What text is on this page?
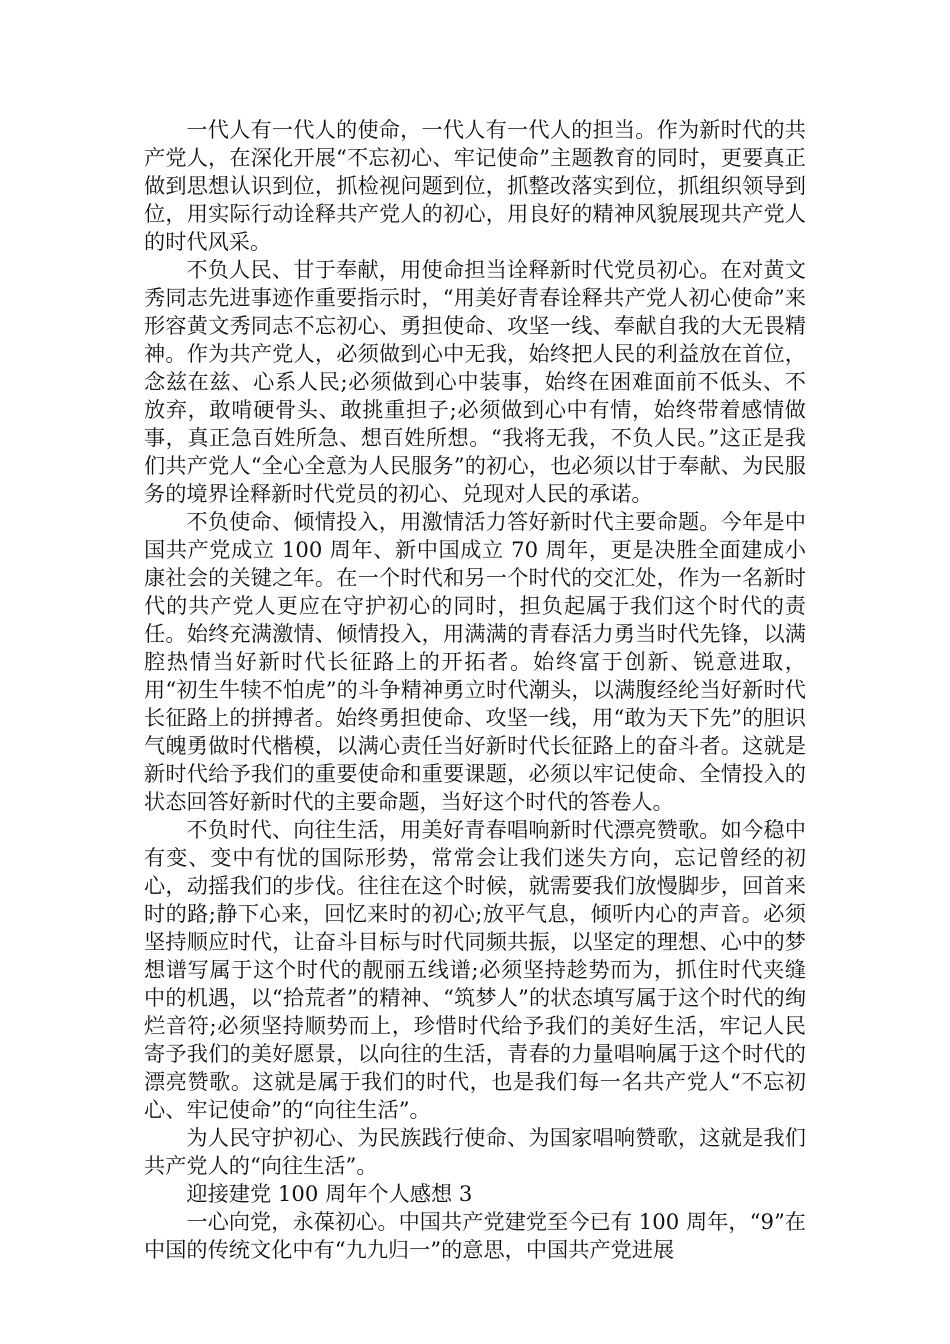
一代人有一代人的使命，一代人有一代人的担当。作为新时代的共产党人，在深化开展“不忘初心、牢记使命”主题教育的同时，更要真正做到思想认识到位，抓检视问题到位，抓整改落实到位，抓组织领导到位，用实际行动诠释共产党人的初心，用良好的精神风貌展现共产党人的时代风采。

不负人民、甘于奉献，用使命担当诠释新时代党员初心。在对黄文秀同志先进事迹作重要指示时，“用美好青春诠释共产党人初心使命”来形容黄文秀同志不忘初心、勇担使命、攻坚一线、奉献自我的大无畏精神。作为共产党人，必须做到心中无我，始终把人民的利益放在首位，念兹在兹、心系人民;必须做到心中装事，始终在困难面前不低头、不放弃，敢啃硬骨头、敢挑重担子;必须做到心中有情，始终带着感情做事，真正急百姓所急、想百姓所想。“我将无我，不负人民。”这正是我们共产党人“全心全意为人民服务”的初心，也必须以甘于奉献、为民服务的境界诠释新时代党员的初心、兑现对人民的承诺。

不负使命、倾情投入，用激情活力答好新时代主要命题。今年是中国共产党成立 100 周年、新中国成立 70 周年，更是决胜全面建成小康社会的关键之年。在一个时代和另一个时代的交汇处，作为一名新时代的共产党人更应在守护初心的同时，担负起属于我们这个时代的责任。始终充满激情、倾情投入，用满满的青春活力勇当时代先锋，以满腔热情当好新时代长征路上的开拓者。始终富于创新、锐意进取，用“初生牛犊不怕虎”的斗争精神勇立时代潮头，以满腹经纶当好新时代长征路上的拼搏者。始终勇担使命、攻坚一线，用“敢为天下先”的胆识气魄勇做时代楷模，以满心责任当好新时代长征路上的奋斗者。这就是新时代给予我们的重要使命和重要课题，必须以牢记使命、全情投入的状态回答好新时代的主要命题，当好这个时代的答卷人。

不负时代、向往生活，用美好青春唱响新时代漂亮赞歌。如今稳中有变、变中有忧的国际形势，常常会让我们迷失方向，忘记曾经的初心，动摇我们的步伐。往往在这个时候，就需要我们放慢脚步，回首来时的路;静下心来，回忆来时的初心;放平气息，倾听内心的声音。必须坚持顺应时代，让奋斗目标与时代同频共振，以坚定的理想、心中的梦想谱写属于这个时代的靓丽五线谱;必须坚持趁势而为，抓住时代夹缝中的机遇，以“拾荒者”的精神、“筑梦人”的状态填写属于这个时代的绚烂音符;必须坚持顺势而上，珍惜时代给予我们的美好生活，牢记人民寄予我们的美好愿景，以向往的生活，青春的力量唱响属于这个时代的漂亮赞歌。这就是属于我们的时代，也是我们每一名共产党人“不忘初心、牢记使命”的“向往生活”。

为人民守护初心、为民族践行使命、为国家唱响赞歌，这就是我们共产党人的“向往生活”。

迎接建党 100 周年个人感想 3

一心向党，永葆初心。中国共产党建党至今已有 100 周年，“9”在中国的传统文化中有“九九归一”的意思，中国共产党进展
